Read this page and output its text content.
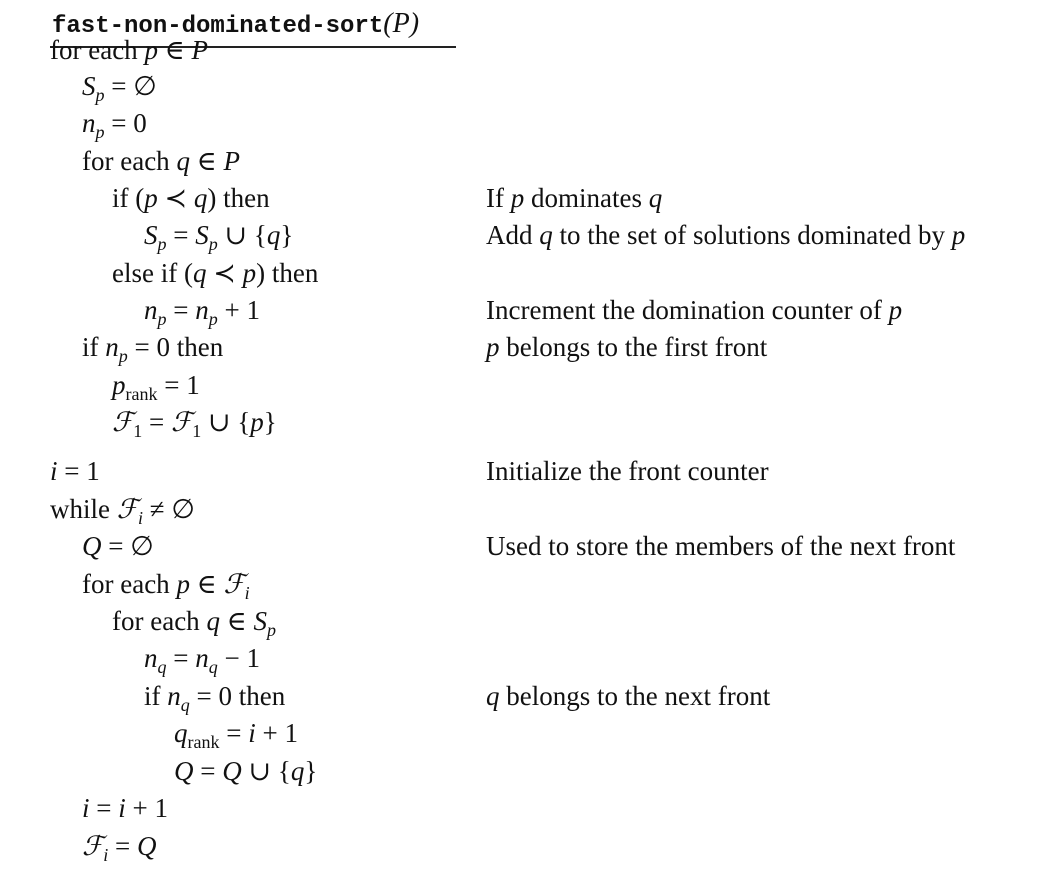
fast-non-dominated-sort(P)
for each p ∈ P
$S_p$ = ∅
$n_p = 0$
for each q ∈ P
if (p ≺ q) then	If p dominates q
$S_p = S_p$ ∪ {q}	Add q to the set of solutions dominated by p
else if (q ≺ p) then
$n_p = n_p + 1$	Increment the domination counter of p
if $n_p = 0$ then	p belongs to the first front
$p_{rank} = 1$
ℱ$_1$ = ℱ$_1$ ∪ {p}
i = 1	Initialize the front counter
while ℱ$_i$ ≠ ∅
Q = ∅	Used to store the members of the next front
for each p ∈ ℱ$_i$
for each q ∈ $S_p$
$n_q = n_q - 1$
if $n_q = 0$ then	q belongs to the next front
$q_{rank} = i + 1$
Q = Q ∪ {q}
i = i + 1
ℱ$_i$ = Q
